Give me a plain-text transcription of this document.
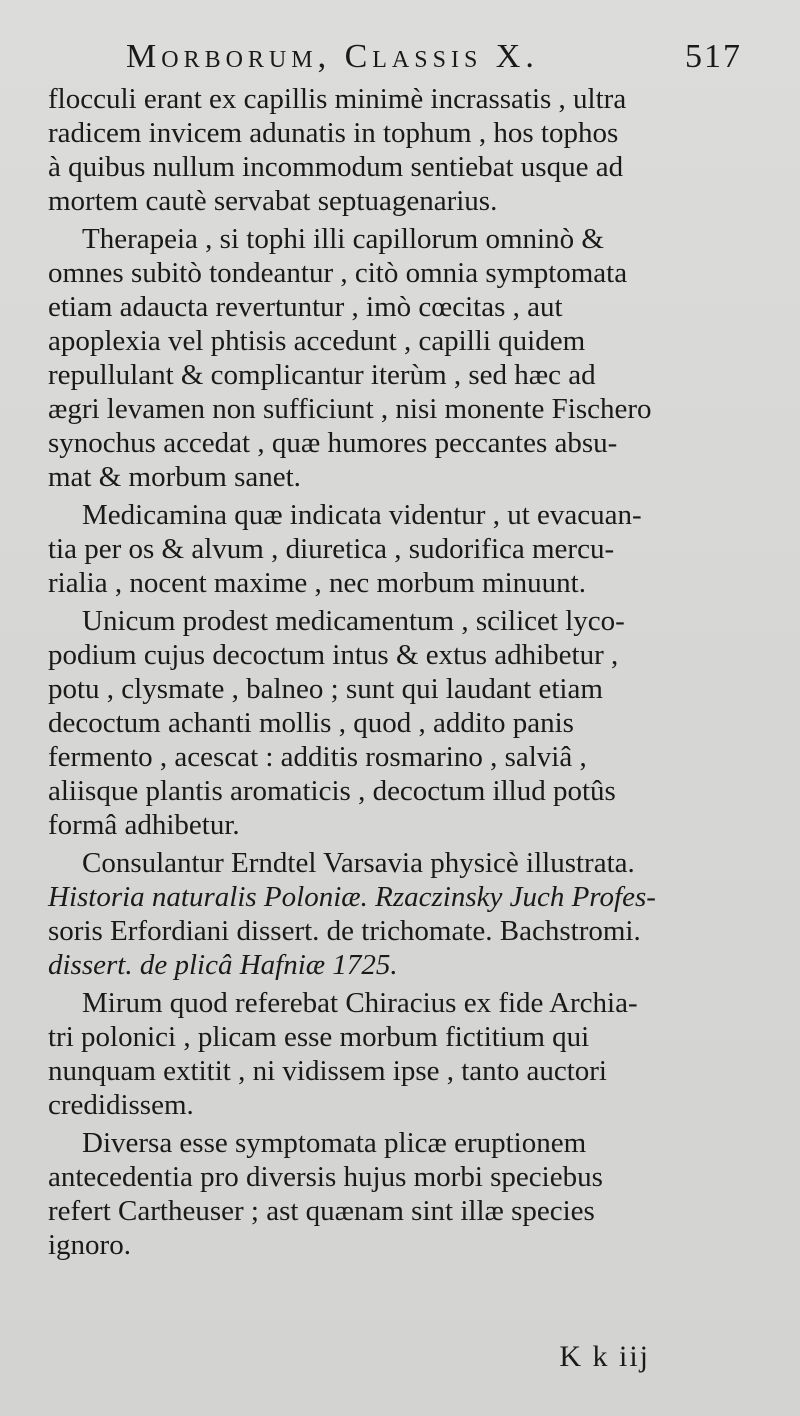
Morborum, Classis X.	517

flocculi erant ex capillis minimè incrassatis , ultra
radicem invicem adunatis in tophum , hos tophos
à quibus nullum incommodum sentiebat usque ad
mortem cautè servabat septuagenarius.

Therapeia , si tophi illi capillorum omninò &
omnes subitò tondeantur , citò omnia symptomata
etiam adaucta revertuntur , imò cœcitas , aut
apoplexia vel phtisis accedunt , capilli quidem
repullulant & complicantur iterùm , sed hæc ad
ægri levamen non sufficiunt , nisi monente Fischero
synochus accedat , quæ humores peccantes absu-
mat & morbum sanet.

Medicamina quæ indicata videntur , ut evacuan-
tia per os & alvum , diuretica , sudorifica mercu-
rialia , nocent maxime , nec morbum minuunt.

Unicum prodest medicamentum , scilicet lyco-
podium cujus decoctum intus & extus adhibetur ,
potu , clysmate , balneo ; sunt qui laudant etiam
decoctum achanti mollis , quod , addito panis
fermento , acescat : additis rosmarino , salviâ ,
aliisque plantis aromaticis , decoctum illud potûs
formâ adhibetur.

Consulantur Erndtel Varsavia physicè illustrata.
Historia naturalis Poloniæ. Rzaczinsky Juch Profes-
soris Erfordiani dissert. de trichomate. Bachstromi.
dissert. de plicâ Hafniæ 1725.

Mirum quod referebat Chiracius ex fide Archia-
tri polonici , plicam esse morbum fictitium qui
nunquam extitit , ni vidissem ipse , tanto auctori
credidissem.

Diversa esse symptomata plicæ eruptionem
antecedentia pro diversis hujus morbi speciebus
refert Cartheuser ; ast quænam sint illæ species
ignoro.

K k iij
